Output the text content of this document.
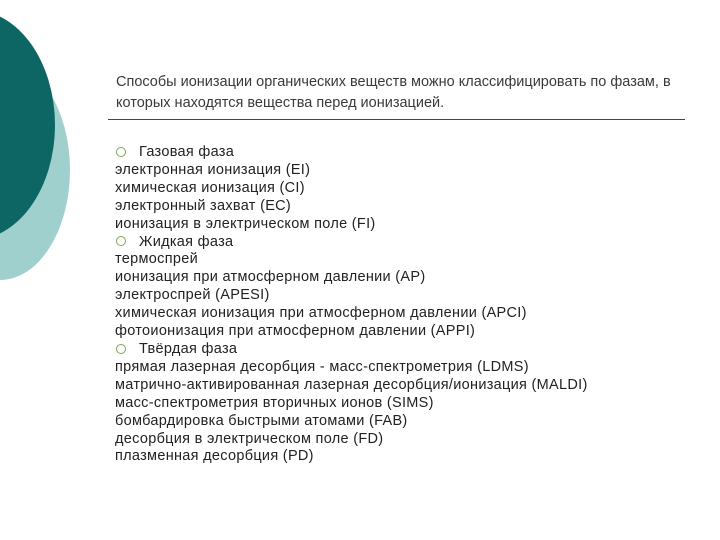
Способы ионизации органических веществ можно классифицировать по фазам, в которых находятся вещества перед ионизацией.
Газовая фаза
электронная ионизация (EI)
химическая ионизация (CI)
электронный захват (EC)
ионизация в электрическом поле (FI)
Жидкая фаза
термоспрей
ионизация при атмосферном давлении (AP)
электроспрей (APESI)
химическая ионизация при атмосферном давлении (APCI)
фотоионизация при атмосферном давлении (APPI)
Твёрдая фаза
прямая лазерная десорбция - масс-спектрометрия (LDMS)
матрично-активированная лазерная десорбция/ионизация (MALDI)
масс-спектрометрия вторичных ионов (SIMS)
бомбардировка быстрыми атомами (FAB)
десорбция в электрическом поле (FD)
плазменная десорбция (PD)
